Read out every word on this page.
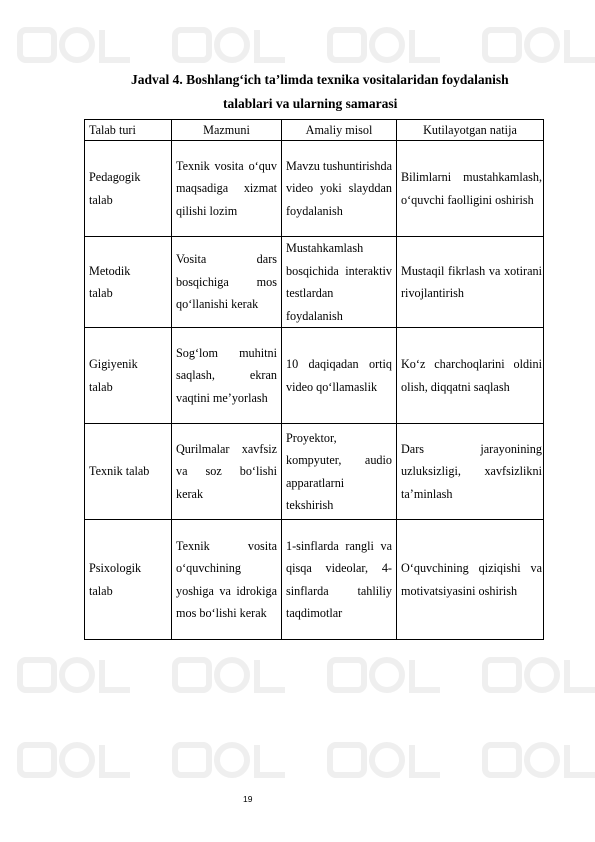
Jadval 4. Boshlang‘ich ta’limda texnika vositalaridan foydalanish
talablari va ularning samarasi
Talab turi	Mazmuni	Amaliy misol	Kutilayotgan natija
Pedagogik talab	Texnik vosita o‘quv maqsadiga xizmat qilishi lozim	Mavzu tushuntirishda video yoki slayddan foydalanish	Bilimlarni mustahkamlash, o‘quvchi faolligini oshirish
Metodik talab	Vosita dars bosqichiga mos qo‘llanishi kerak	Mustahkamlash bosqichida interaktiv testlardan foydalanish	Mustaqil fikrlash va xotirani rivojlantirish
Gigiyenik talab	Sog‘lom muhitni saqlash, ekran vaqtini me’yorlash	10 daqiqadan ortiq video qo‘llamaslik	Ko‘z charchoqlarini oldini olish, diqqatni saqlash
Texnik talab	Qurilmalar xavfsiz va soz bo‘lishi kerak	Proyektor, kompyuter, audio apparatlarni tekshirish	Dars jarayonining uzluksizligi, xavfsizlikni ta’minlash
Psixologik talab	Texnik vosita o‘quvchining yoshiga va idrokiga mos bo‘lishi kerak	1-sinflarda rangli va qisqa videolar, 4-sinflarda tahliliy taqdimotlar	O‘quvchining qiziqishi va motivatsiyasini oshirish
19
